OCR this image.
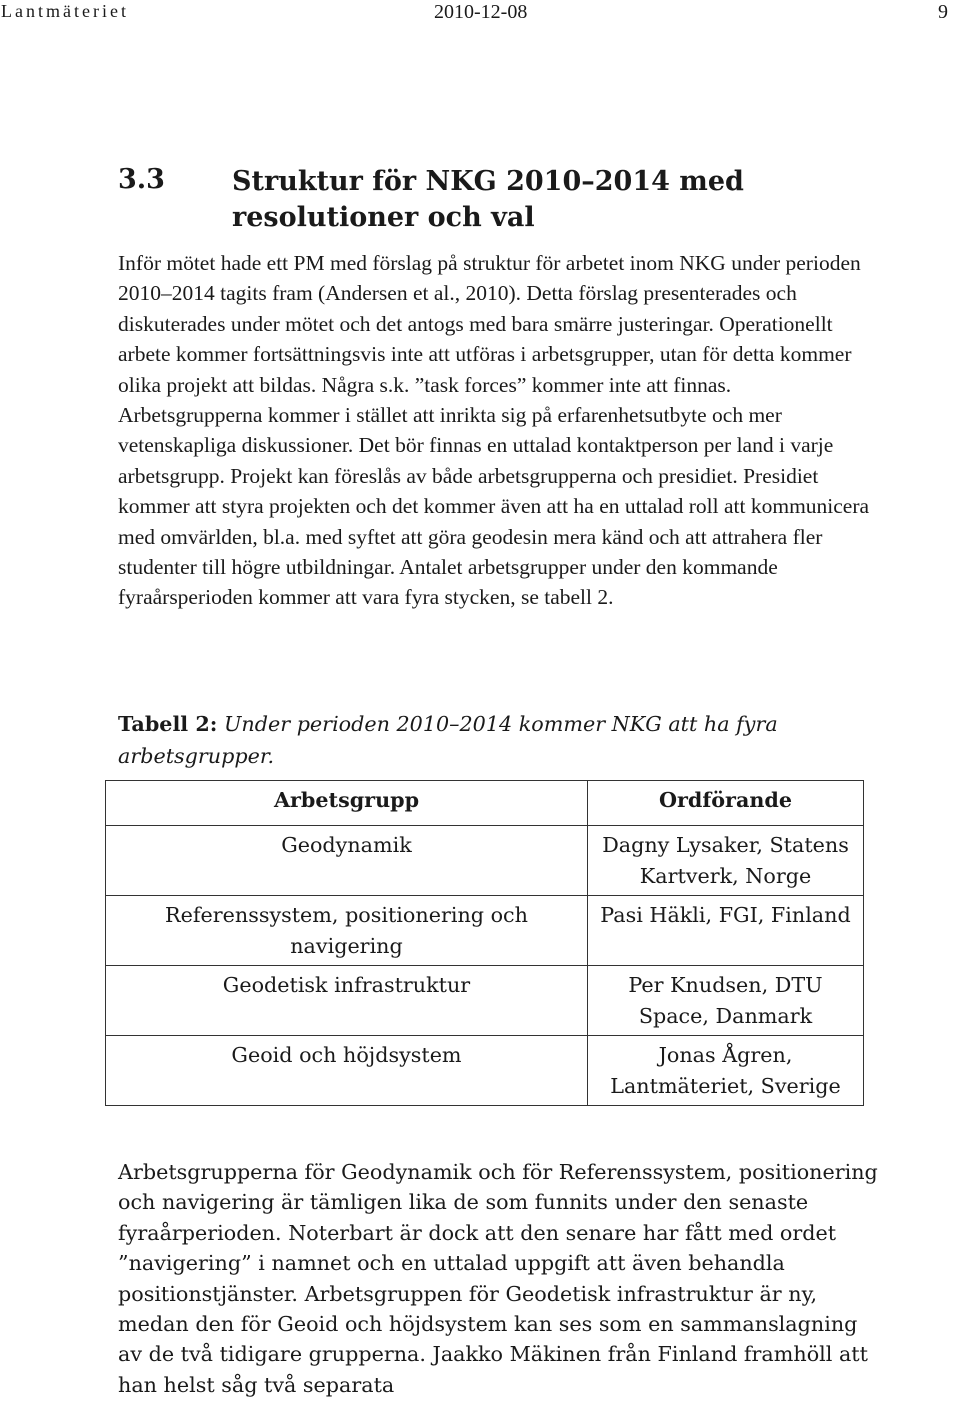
Lantmäteriet	2010-12-08	9
3.3 Struktur för NKG 2010–2014 med resolutioner och val

Inför mötet hade ett PM med förslag på struktur för arbetet inom NKG under perioden 2010–2014 tagits fram (Andersen et al., 2010). Detta förslag presenterades och diskuterades under mötet och det antogs med bara smärre justeringar. Operationellt arbete kommer fortsättningsvis inte att utföras i arbetsgrupper, utan för detta kommer olika projekt att bildas. Några s.k. ”task forces” kommer inte att finnas. Arbetsgrupperna kommer i stället att inrikta sig på erfarenhetsutbyte och mer vetenskapliga diskussioner. Det bör finnas en uttalad kontaktperson per land i varje arbetsgrupp. Projekt kan föreslås av både arbetsgrupperna och presidiet. Presidiet kommer att styra projekten och det kommer även att ha en uttalad roll att kommunicera med omvärlden, bl.a. med syftet att göra geodesin mera känd och att attrahera fler studenter till högre utbildningar. Antalet arbetsgrupper under den kommande fyraårsperioden kommer att vara fyra stycken, se tabell 2.

Tabell 2: Under perioden 2010–2014 kommer NKG att ha fyra arbetsgrupper.

Arbetsgrupp	Ordförande
Geodynamik	Dagny Lysaker, Statens Kartverk, Norge
Referenssystem, positionering och navigering	Pasi Häkli, FGI, Finland
Geodetisk infrastruktur	Per Knudsen, DTU Space, Danmark
Geoid och höjdsystem	Jonas Ågren, Lantmäteriet, Sverige

Arbetsgrupperna för Geodynamik och för Referenssystem, positionering och navigering är tämligen lika de som funnits under den senaste fyraårperioden. Noterbart är dock att den senare har fått med ordet ”navigering” i namnet och en uttalad uppgift att även behandla positionstjänster. Arbetsgruppen för Geodetisk infrastruktur är ny, medan den för Geoid och höjdsystem kan ses som en sammanslagning av de två tidigare grupperna. Jaakko Mäkinen från Finland framhöll att han helst såg två separata
